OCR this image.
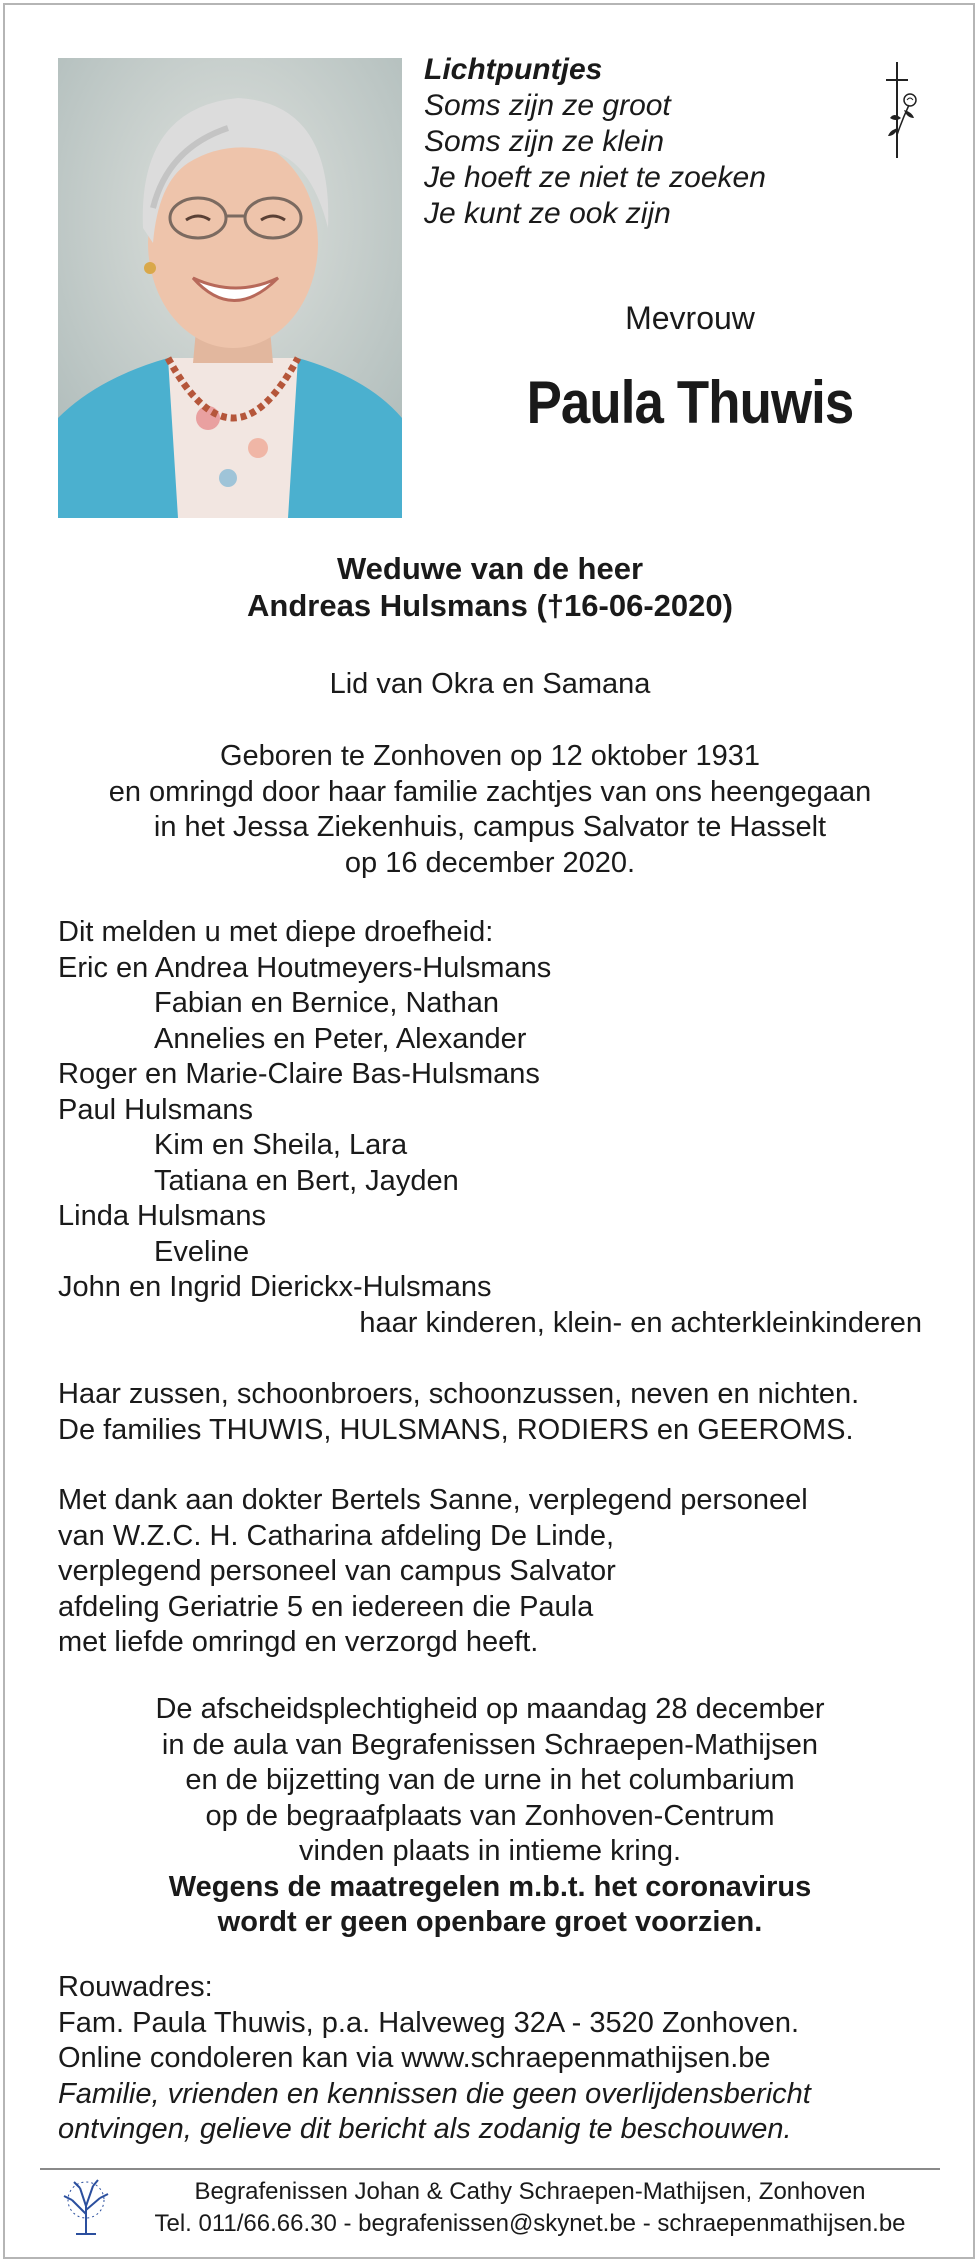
Lichtpuntjes
Soms zijn ze groot
Soms zijn ze klein
Je hoeft ze niet te zoeken
Je kunt ze ook zijn
Mevrouw
Paula Thuwis
Weduwe van de heer
Andreas Hulsmans (†16-06-2020)
Lid van Okra en Samana
Geboren te Zonhoven op 12 oktober 1931
en omringd door haar familie zachtjes van ons heengegaan
in het Jessa Ziekenhuis, campus Salvator te Hasselt
op 16 december 2020.
Dit melden u met diepe droefheid:
Eric en Andrea Houtmeyers-Hulsmans
Fabian en Bernice, Nathan
Annelies en Peter, Alexander
Roger en Marie-Claire Bas-Hulsmans
Paul Hulsmans
Kim en Sheila, Lara
Tatiana en Bert, Jayden
Linda Hulsmans
Eveline
John en Ingrid Dierickx-Hulsmans
haar kinderen, klein- en achterkleinkinderen
Haar zussen, schoonbroers, schoonzussen, neven en nichten.
De families THUWIS, HULSMANS, RODIERS en GEEROMS.
Met dank aan dokter Bertels Sanne, verplegend personeel
van W.Z.C. H. Catharina afdeling De Linde,
verplegend personeel van campus Salvator
afdeling Geriatrie 5 en iedereen die Paula
met liefde omringd en verzorgd heeft.
De afscheidsplechtigheid op maandag 28 december
in de aula van Begrafenissen Schraepen-Mathijsen
en de bijzetting van de urne in het columbarium
op de begraafplaats van Zonhoven-Centrum
vinden plaats in intieme kring.
Wegens de maatregelen m.b.t. het coronavirus
wordt er geen openbare groet voorzien.
Rouwadres:
Fam. Paula Thuwis, p.a. Halveweg 32A - 3520 Zonhoven.
Online condoleren kan via www.schraepenmathijsen.be
Familie, vrienden en kennissen die geen overlijdensbericht
ontvingen, gelieve dit bericht als zodanig te beschouwen.
Begrafenissen Johan & Cathy Schraepen-Mathijsen, Zonhoven
Tel. 011/66.66.30 - begrafenissen@skynet.be - schraepenmathijsen.be
